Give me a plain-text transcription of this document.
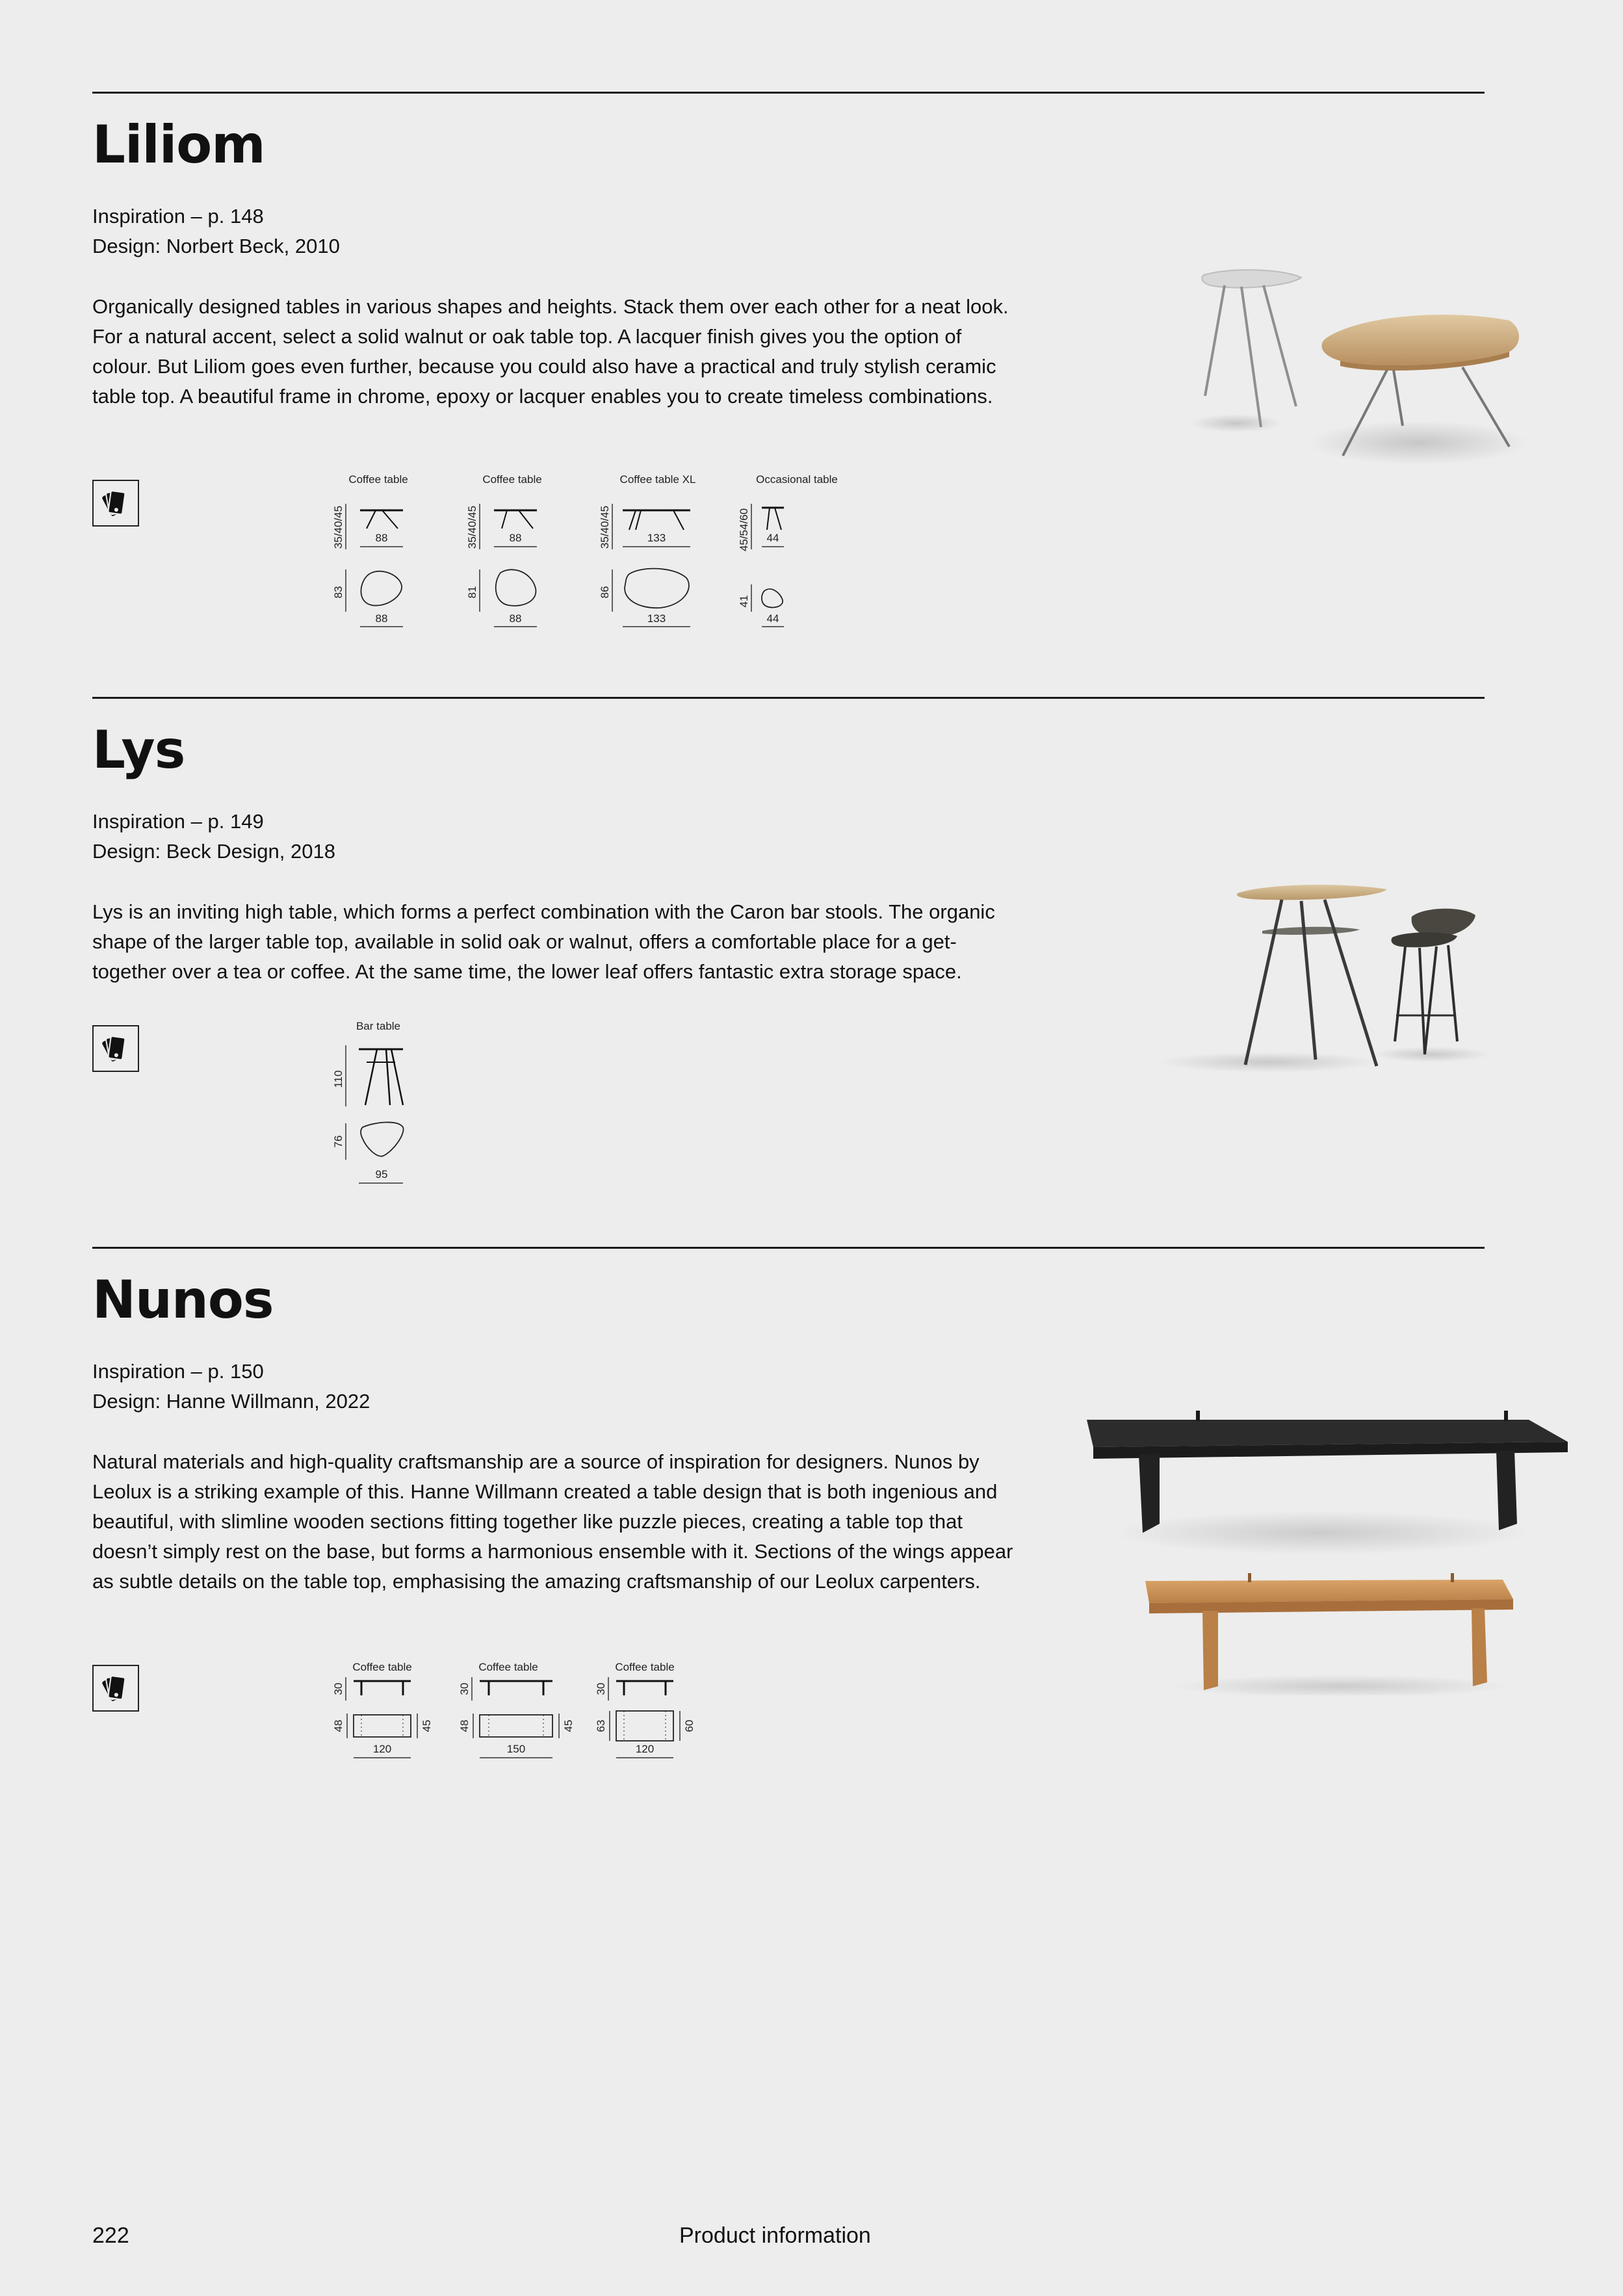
Liliom
Inspiration – p. 148
Design: Norbert Beck, 2010
Organically designed tables in various shapes and heights. Stack them over each other for a neat look. For a natural accent, select a solid walnut or oak table top. A lacquer finish gives you the option of colour. But Liliom goes even further, because you could also have a practical and truly stylish ceramic table top. A beautiful frame in chrome, epoxy or lacquer enables you to create timeless combinations.
Coffee table
35/40/45	88
83
88
Coffee table
35/40/45	88
81
88
Coffee table XL
35/40/45	133
86
133
Occasional table
45/54/60 44
41
44
Lys
Inspiration – p. 149
Design: Beck Design, 2018
Lys is an inviting high table, which forms a perfect combination with the Caron bar stools. The organic shape of the larger table top, available in solid oak or walnut, offers a comfortable place for a get-together over a tea or coffee. At the same time, the lower leaf offers fantastic extra storage space.
Bar table
110
76
95
Nunos
Inspiration – p. 150
Design: Hanne Willmann, 2022
Natural materials and high-quality craftsmanship are a source of inspiration for designers. Nunos by Leolux is a striking example of this. Hanne Willmann created a table design that is both ingenious and beautiful, with slimline wooden sections fitting together like puzzle pieces, creating a table top that doesn’t simply rest on the base, but forms a harmonious ensemble with it. Sections of the wings appear as subtle details on the table top, emphasising the amazing craftsmanship of our Leolux carpenters.
Coffee table
30
48	45
120
Coffee table
30
48	45
150
Coffee table
30
63	60
120
222	Product information
